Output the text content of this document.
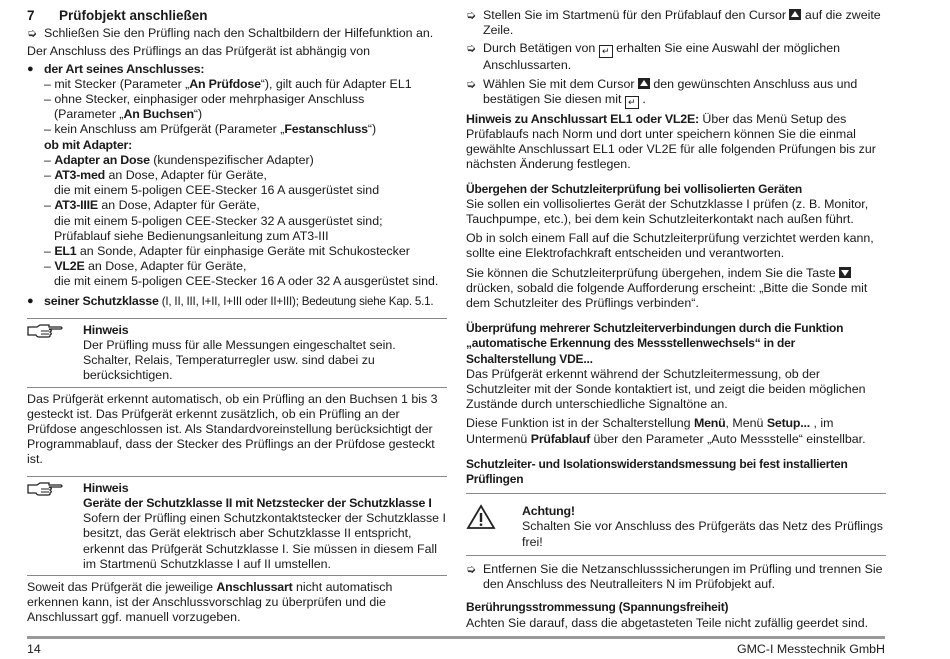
7	Prüfobjekt anschließen
➭ Schließen Sie den Prüfling nach den Schaltbildern der Hilfefunktion an.

Der Anschluss des Prüflings an das Prüfgerät ist abhängig von

● der Art seines Anschlusses:

– mit Stecker (Parameter „An Prüfdose“), gilt auch für Adapter EL1

– ohne Stecker, einphasiger oder mehrphasiger Anschluss

(Parameter „An Buchsen“)

– kein Anschluss am Prüfgerät (Parameter „Festanschluss“)

ob mit Adapter:

– Adapter an Dose (kundenspezifischer Adapter)

– AT3-med an Dose, Adapter für Geräte,

die mit einem 5-poligen CEE-Stecker 16 A ausgerüstet sind

– AT3-IIIE an Dose, Adapter für Geräte,

die mit einem 5-poligen CEE-Stecker 32 A ausgerüstet sind;

Prüfablauf siehe Bedienungsanleitung zum AT3-III

– EL1 an Sonde, Adapter für einphasige Geräte mit Schukostecker

– VL2E an Dose, Adapter für Geräte,

die mit einem 5-poligen CEE-Stecker 16 A oder 32 A ausgerüstet sind.

● seiner Schutzklasse (I, II, III, I+II, I+III oder II+III); Bedeutung siehe Kap. 5.1.
Hinweis

Der Prüfling muss für alle Messungen eingeschaltet sein. Schalter, Relais, Temperaturregler usw. sind dabei zu berücksichtigen.

Das Prüfgerät erkennt automatisch, ob ein Prüfling an den Buchsen 1 bis 3 gesteckt ist. Das Prüfgerät erkennt zusätzlich, ob ein Prüfling an der Prüfdose angeschlossen ist. Als Standardvoreinstellung berücksichtigt der Programmablauf, dass der Stecker des Prüflings an der Prüfdose gesteckt ist.

Hinweis
Geräte der Schutzklasse II mit Netzstecker der Schutzklasse I

Sofern der Prüfling einen Schutzkontaktstecker der Schutzklasse I besitzt, das Gerät elektrisch aber Schutzklasse II entspricht, erkennt das Prüfgerät Schutzklasse I. Sie müssen in diesem Fall im Startmenü Schutzklasse I auf II umstellen.

Soweit das Prüfgerät die jeweilige Anschlussart nicht automatisch erkennen kann, ist der Anschlussvorschlag zu überprüfen und die Anschlussart ggf. manuell vorzugeben.

➭ Stellen Sie im Startmenü für den Prüfablauf den Cursor  auf die zweite Zeile.
➭ Durch Betätigen von ↵ erhalten Sie eine Auswahl der möglichen Anschlussarten.
➭ Wählen Sie mit dem Cursor  den gewünschten Anschluss aus und bestätigen Sie diesen mit ↵ .

Hinweis zu Anschlussart EL1 oder VL2E: Über das Menü Setup des Prüfablaufs nach Norm und dort unter speichern können Sie die einmal gewählte Anschlussart EL1 oder VL2E für alle folgenden Prüfungen bis zur nächsten Änderung festlegen.

Übergehen der Schutzleiterprüfung bei vollisolierten Geräten

Sie sollen ein vollisoliertes Gerät der Schutzklasse I prüfen (z. B. Monitor, Tauchpumpe, etc.), bei dem kein Schutzleiterkontakt nach außen führt.

Ob in solch einem Fall auf die Schutzleiterprüfung verzichtet werden kann, sollte eine Elektrofachkraft entscheiden und verantworten.

Sie können die Schutzleiterprüfung übergehen, indem Sie die Taste  drücken, sobald die folgende Aufforderung erscheint: „Bitte die Sonde mit dem Schutzleiter des Prüflings verbinden“.

Überprüfung mehrerer Schutzleiterverbindungen durch die Funktion „automatische Erkennung des Messstellenwechsels“ in der Schalterstellung VDE...

Das Prüfgerät erkennt während der Schutzleitermessung, ob der Schutzleiter mit der Sonde kontaktiert ist, und zeigt die beiden möglichen Zustände durch unterschiedliche Signaltöne an.

Diese Funktion ist in der Schalterstellung Menü, Menü Setup... , im Untermenü Prüfablauf über den Parameter „Auto Messstelle“ einstellbar.

Schutzleiter- und Isolationswiderstandsmessung bei fest installierten Prüflingen

Achtung!

Schalten Sie vor Anschluss des Prüfgeräts das Netz des Prüflings frei!

➭ Entfernen Sie die Netzanschlusssicherungen im Prüfling und trennen Sie den Anschluss des Neutralleiters N im Prüfobjekt auf.

Berührungsstrommessung (Spannungsfreiheit)

Achten Sie darauf, dass die abgetasteten Teile nicht zufällig geerdet sind.

14	GMC-I Messtechnik GmbH
